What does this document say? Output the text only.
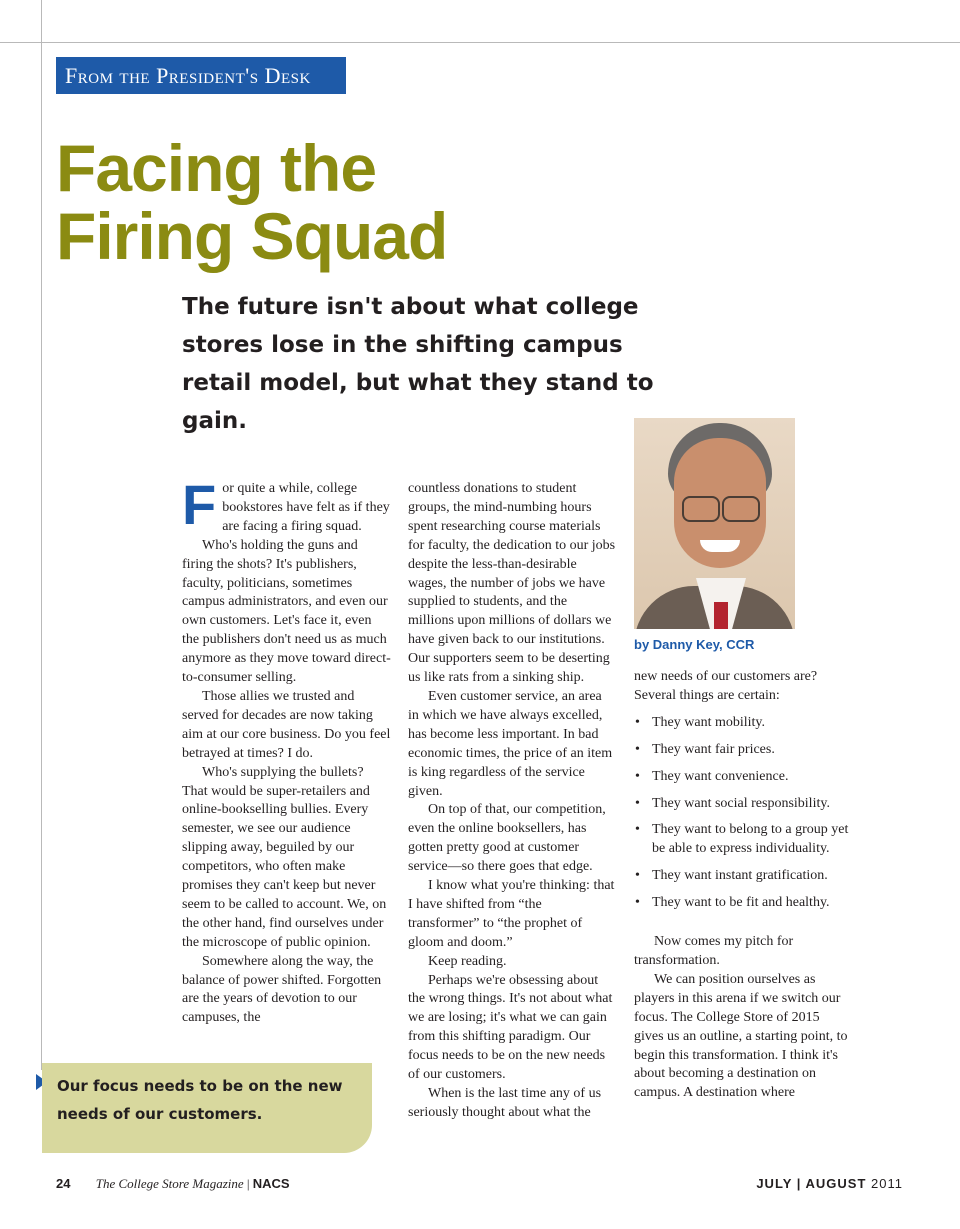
From the President's Desk
Facing the
Firing Squad

The future isn't about what college stores lose in the shifting campus retail model, but what they stand to gain.

by Danny Key, CCR

For quite a while, college bookstores have felt as if they are facing a firing squad.

Who's holding the guns and firing the shots? It's publishers, faculty, politicians, sometimes campus administrators, and even our own customers. Let's face it, even the publishers don't need us as much anymore as they move toward direct-to-consumer selling.

Those allies we trusted and served for decades are now taking aim at our core business. Do you feel betrayed at times? I do.

Who's supplying the bullets? That would be super-retailers and online-bookselling bullies. Every semester, we see our audience slipping away, beguiled by our competitors, who often make promises they can't keep but never seem to be called to account. We, on the other hand, find ourselves under the microscope of public opinion.

Somewhere along the way, the balance of power shifted. Forgotten are the years of devotion to our campuses, the

countless donations to student groups, the mind-numbing hours spent researching course materials for faculty, the dedication to our jobs despite the less-than-desirable wages, the number of jobs we have supplied to students, and the millions upon millions of dollars we have given back to our institutions. Our supporters seem to be deserting us like rats from a sinking ship.

Even customer service, an area in which we have always excelled, has become less important. In bad economic times, the price of an item is king regardless of the service given.

On top of that, our competition, even the online booksellers, has gotten pretty good at customer service—so there goes that edge.

I know what you're thinking: that I have shifted from “the transformer” to “the prophet of gloom and doom.”

Keep reading.

Perhaps we're obsessing about the wrong things. It's not about what we are losing; it's what we can gain from this shifting paradigm. Our focus needs to be on the new needs of our customers.

When is the last time any of us seriously thought about what the

new needs of our customers are? Several things are certain:

• They want mobility.
• They want fair prices.
• They want convenience.
• They want social responsibility.
• They want to belong to a group yet be able to express individuality.
• They want instant gratification.
• They want to be fit and healthy.

Now comes my pitch for transformation.

We can position ourselves as players in this arena if we switch our focus. The College Store of 2015 gives us an outline, a starting point, to begin this transformation. I think it's about becoming a destination on campus. A destination where

Our focus needs to be on the new needs of our customers.
24 The College Store Magazine | NACS	JULY | AUGUST 2011
